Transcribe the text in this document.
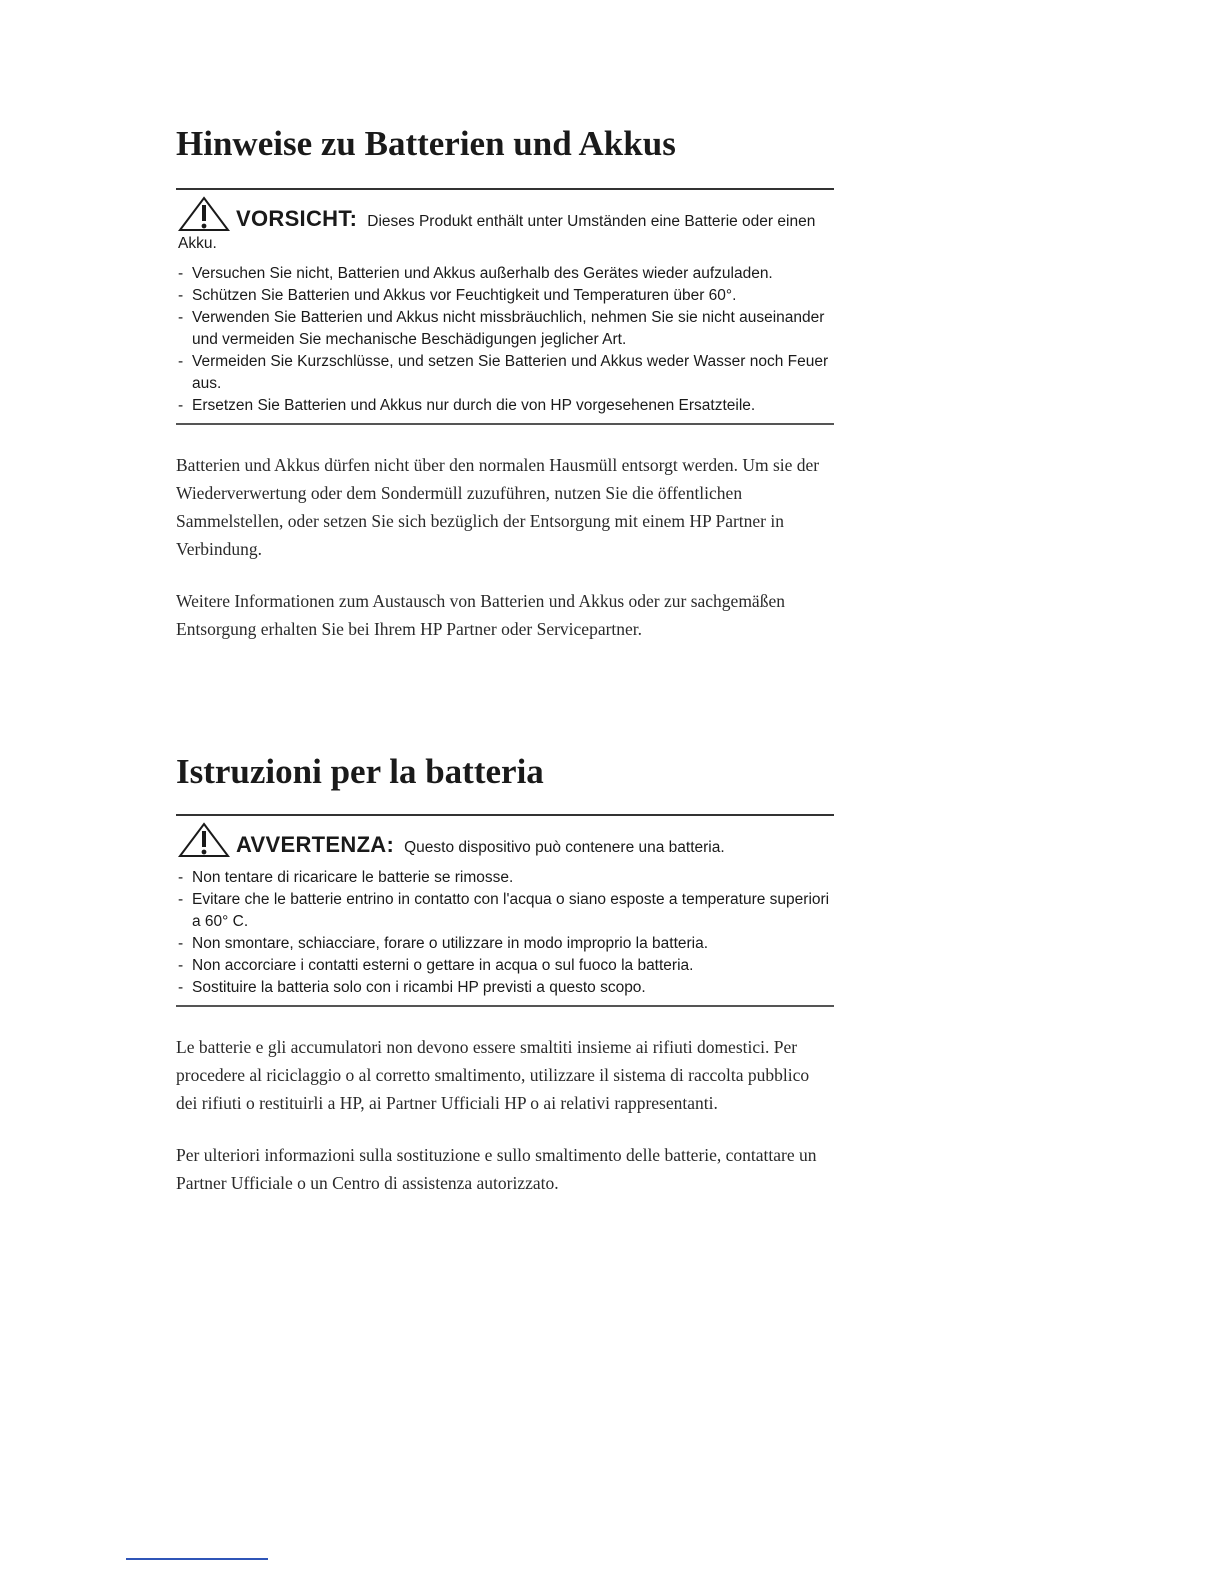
Hinweise zu Batterien und Akkus
VORSICHT: Dieses Produkt enthält unter Umständen eine Batterie oder einen Akku.
- Versuchen Sie nicht, Batterien und Akkus außerhalb des Gerätes wieder aufzuladen.
- Schützen Sie Batterien und Akkus vor Feuchtigkeit und Temperaturen über 60°.
- Verwenden Sie Batterien und Akkus nicht missbräuchlich, nehmen Sie sie nicht auseinander und vermeiden Sie mechanische Beschädigungen jeglicher Art.
- Vermeiden Sie Kurzschlüsse, und setzen Sie Batterien und Akkus weder Wasser noch Feuer aus.
- Ersetzen Sie Batterien und Akkus nur durch die von HP vorgesehenen Ersatzteile.

Batterien und Akkus dürfen nicht über den normalen Hausmüll entsorgt werden. Um sie der Wiederverwertung oder dem Sondermüll zuzuführen, nutzen Sie die öffentlichen Sammelstellen, oder setzen Sie sich bezüglich der Entsorgung mit einem HP Partner in Verbindung.

Weitere Informationen zum Austausch von Batterien und Akkus oder zur sachgemäßen Entsorgung erhalten Sie bei Ihrem HP Partner oder Servicepartner.

Istruzioni per la batteria
AVVERTENZA: Questo dispositivo può contenere una batteria.
- Non tentare di ricaricare le batterie se rimosse.
- Evitare che le batterie entrino in contatto con l'acqua o siano esposte a temperature superiori a 60° C.
- Non smontare, schiacciare, forare o utilizzare in modo improprio la batteria.
- Non accorciare i contatti esterni o gettare in acqua o sul fuoco la batteria.
- Sostituire la batteria solo con i ricambi HP previsti a questo scopo.

Le batterie e gli accumulatori non devono essere smaltiti insieme ai rifiuti domestici. Per procedere al riciclaggio o al corretto smaltimento, utilizzare il sistema di raccolta pubblico dei rifiuti o restituirli a HP, ai Partner Ufficiali HP o ai relativi rappresentanti.

Per ulteriori informazioni sulla sostituzione e sullo smaltimento delle batterie, contattare un Partner Ufficiale o un Centro di assistenza autorizzato.
